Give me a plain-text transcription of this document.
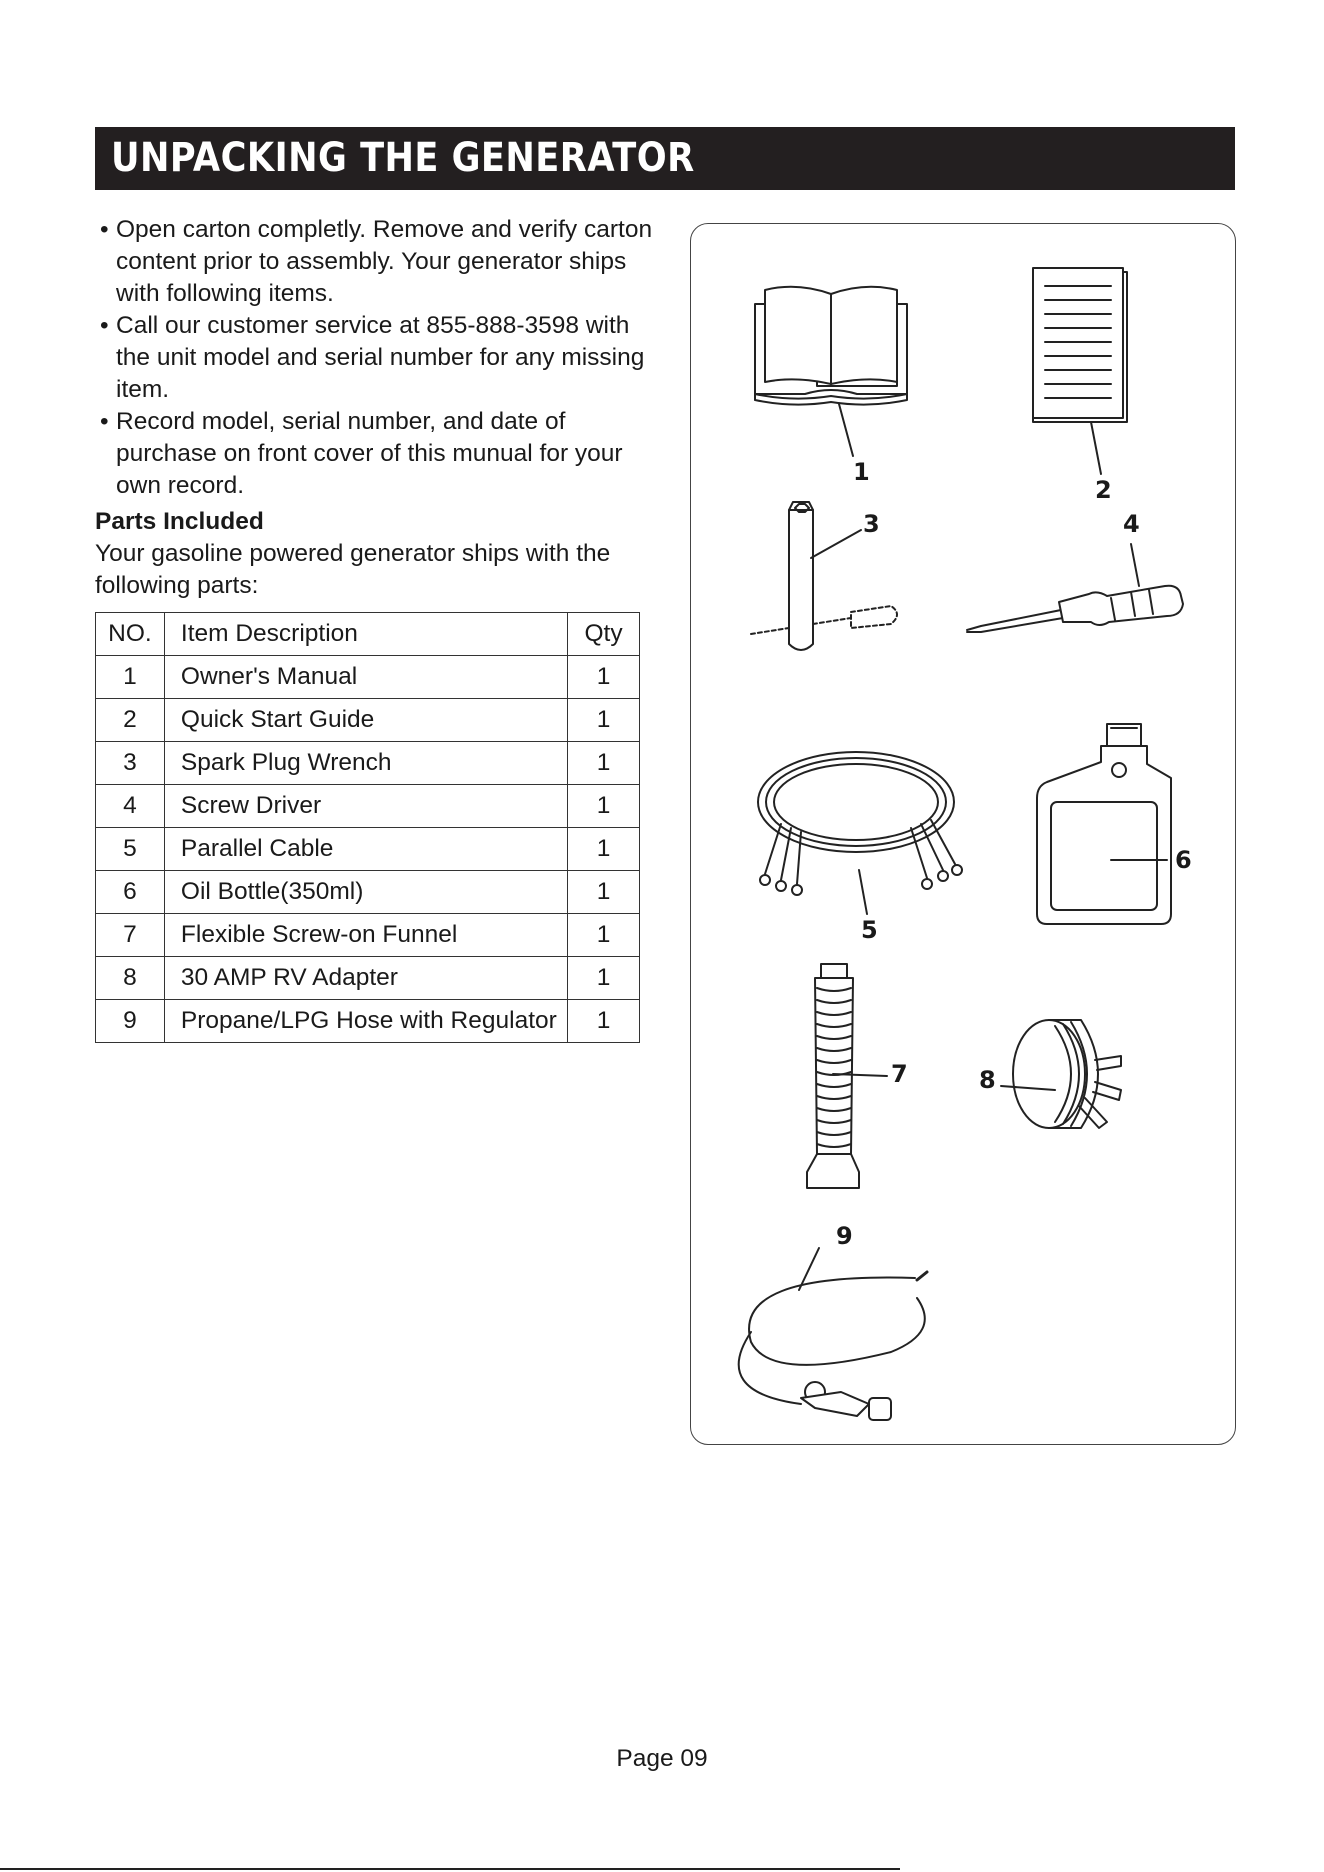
UNPACKING THE GENERATOR
• Open carton completly. Remove and verify carton content prior to assembly. Your generator ships with following items.
• Call our customer service at 855-888-3598 with the unit model and serial number for any missing item.
• Record model, serial number, and date of purchase on front cover of this munual for your own record.
Parts Included
Your gasoline powered generator ships with the following parts:
NO.	Item Description	Qty
1	Owner's Manual	1
2	Quick Start Guide	1
3	Spark Plug Wrench	1
4	Screw Driver	1
5	Parallel Cable	1
6	Oil Bottle(350ml)	1
7	Flexible Screw-on Funnel	1
8	30 AMP RV Adapter	1
9	Propane/LPG Hose with Regulator	1
1
2
3	4
5
6
7	8
9
Page 09
